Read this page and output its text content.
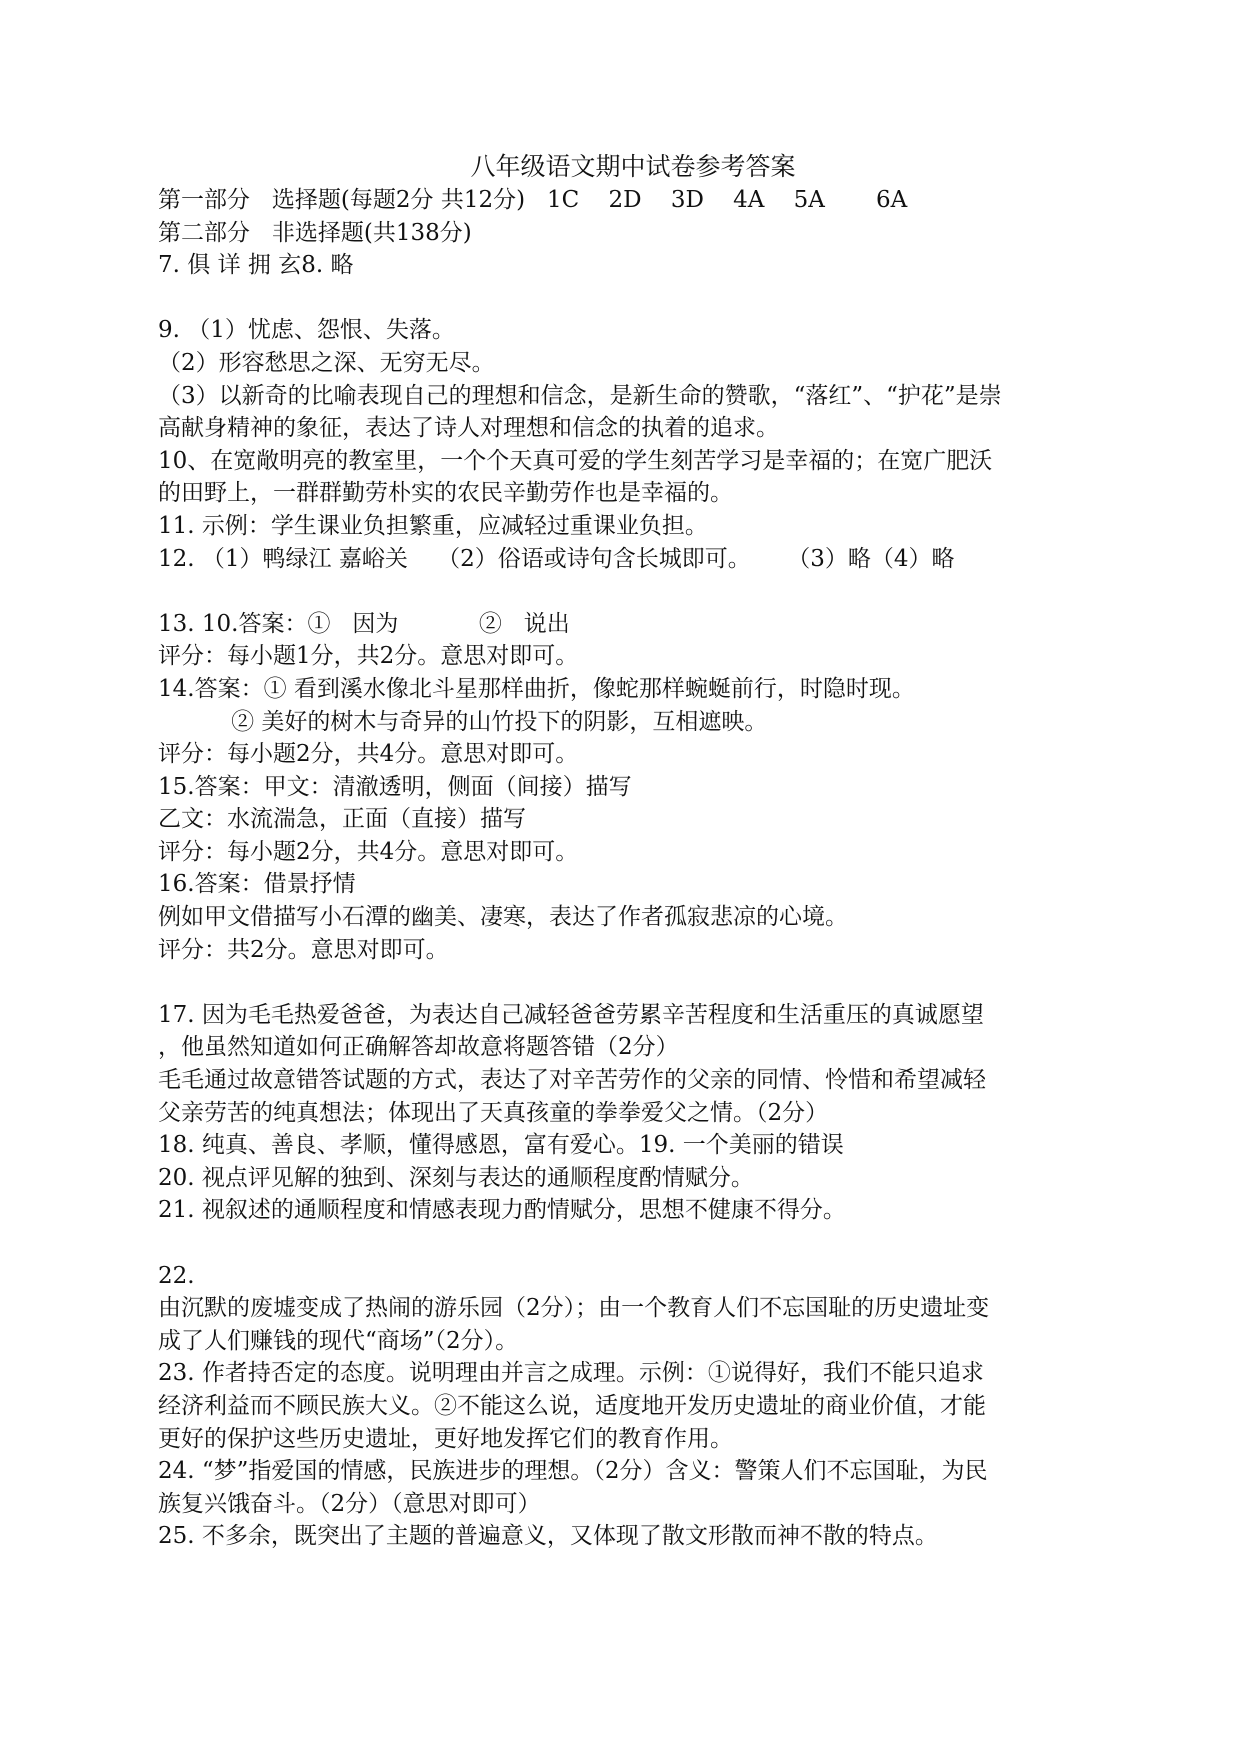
八年级语文期中试卷参考答案
第一部分   选择题(每题2分 共12分)   1C    2D    3D    4A    5A       6A
第二部分   非选择题(共138分)
7. 俱 详 拥 玄8. 略
9. （1）忧虑、怨恨、失落。
（2）形容愁思之深、无穷无尽。
（3）以新奇的比喻表现自己的理想和信念，是新生命的赞歌，“落红”、“护花”是崇
高献身精神的象征，表达了诗人对理想和信念的执着的追求。
10、在宽敞明亮的教室里，一个个天真可爱的学生刻苦学习是幸福的；在宽广肥沃
的田野上，一群群勤劳朴实的农民辛勤劳作也是幸福的。
11. 示例：学生课业负担繁重，应减轻过重课业负担。
12. （1）鸭绿江 嘉峪关    （2）俗语或诗句含长城即可。     （3）略（4）略
13. 10.答案：①   因为           ②   说出
评分：每小题1分，共2分。意思对即可。
14.答案：① 看到溪水像北斗星那样曲折，像蛇那样蜿蜒前行，时隐时现。
② 美好的树木与奇异的山竹投下的阴影，互相遮映。
评分：每小题2分，共4分。意思对即可。
15.答案：甲文：清澈透明，侧面（间接）描写
乙文：水流湍急，正面（直接）描写
评分：每小题2分，共4分。意思对即可。
16.答案：借景抒情
例如甲文借描写小石潭的幽美、凄寒，表达了作者孤寂悲凉的心境。
评分：共2分。意思对即可。
17. 因为毛毛热爱爸爸，为表达自己减轻爸爸劳累辛苦程度和生活重压的真诚愿望
，他虽然知道如何正确解答却故意将题答错（2分）
毛毛通过故意错答试题的方式，表达了对辛苦劳作的父亲的同情、怜惜和希望减轻
父亲劳苦的纯真想法；体现出了天真孩童的拳拳爱父之情。（2分）
18. 纯真、善良、孝顺，懂得感恩，富有爱心。19. 一个美丽的错误
20. 视点评见解的独到、深刻与表达的通顺程度酌情赋分。
21. 视叙述的通顺程度和情感表现力酌情赋分，思想不健康不得分。
22.
由沉默的废墟变成了热闹的游乐园（2分）；由一个教育人们不忘国耻的历史遗址变
成了人们赚钱的现代“商场”（2分）。
23. 作者持否定的态度。说明理由并言之成理。示例：①说得好，我们不能只追求
经济利益而不顾民族大义。②不能这么说，适度地开发历史遗址的商业价值，才能
更好的保护这些历史遗址，更好地发挥它们的教育作用。
24. “梦”指爱国的情感，民族进步的理想。（2分）含义：警策人们不忘国耻，为民
族复兴饿奋斗。（2分）（意思对即可）
25. 不多余，既突出了主题的普遍意义，又体现了散文形散而神不散的特点。
